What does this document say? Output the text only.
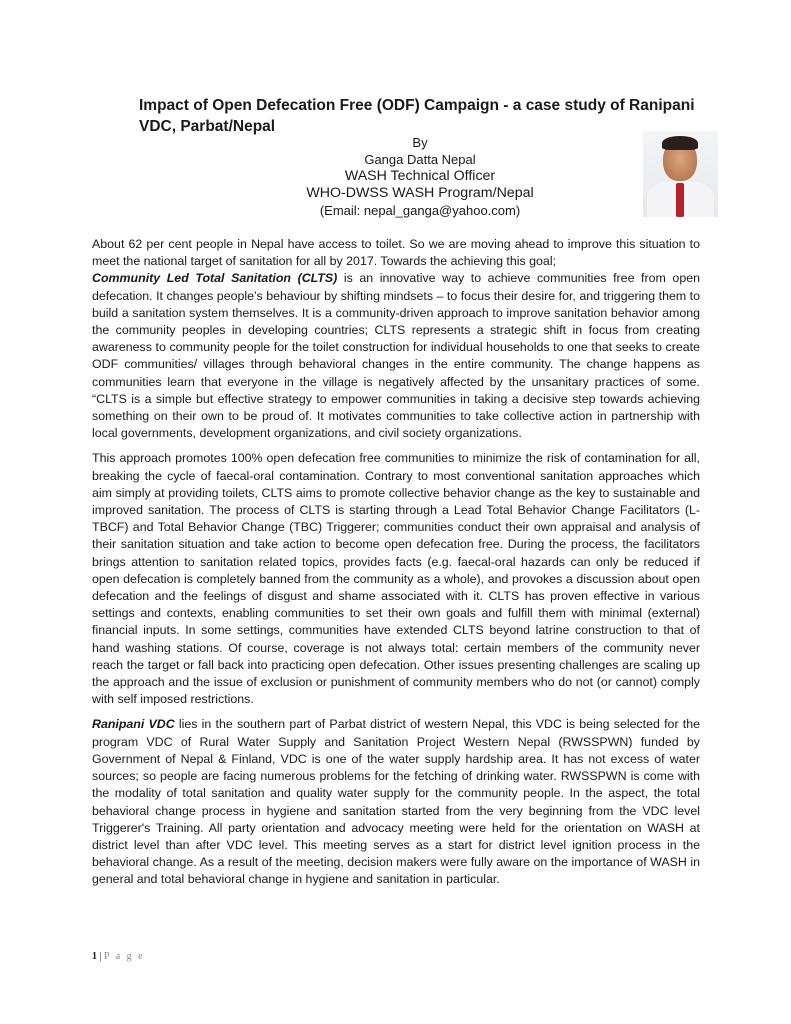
Impact of Open Defecation Free (ODF) Campaign - a case study of Ranipani VDC, Parbat/Nepal
By
Ganga Datta Nepal
WASH Technical Officer
WHO-DWSS WASH Program/Nepal
(Email: nepal_ganga@yahoo.com)

About 62 per cent people in Nepal have access to toilet. So we are moving ahead to improve this situation to meet the national target of sanitation for all by 2017. Towards the achieving this goal;
Community Led Total Sanitation (CLTS) is an innovative way to achieve communities free from open defecation. It changes people’s behaviour by shifting mindsets – to focus their desire for, and triggering them to build a sanitation system themselves. It is a community-driven approach to improve sanitation behavior among the community peoples in developing countries; CLTS represents a strategic shift in focus from creating awareness to community people for the toilet construction for individual households to one that seeks to create ODF communities/ villages through behavioral changes in the entire community. The change happens as communities learn that everyone in the village is negatively affected by the unsanitary practices of some. “CLTS is a simple but effective strategy to empower communities in taking a decisive step towards achieving something on their own to be proud of. It motivates communities to take collective action in partnership with local governments, development organizations, and civil society organizations.

This approach promotes 100% open defecation free communities to minimize the risk of contamination for all, breaking the cycle of faecal-oral contamination. Contrary to most conventional sanitation approaches which aim simply at providing toilets, CLTS aims to promote collective behavior change as the key to sustainable and improved sanitation. The process of CLTS is starting through a Lead Total Behavior Change Facilitators (L-TBCF) and Total Behavior Change (TBC) Triggerer; communities conduct their own appraisal and analysis of their sanitation situation and take action to become open defecation free. During the process, the facilitators brings attention to sanitation related topics, provides facts (e.g. faecal-oral hazards can only be reduced if open defecation is completely banned from the community as a whole), and provokes a discussion about open defecation and the feelings of disgust and shame associated with it. CLTS has proven effective in various settings and contexts, enabling communities to set their own goals and fulfill them with minimal (external) financial inputs. In some settings, communities have extended CLTS beyond latrine construction to that of hand washing stations. Of course, coverage is not always total: certain members of the community never reach the target or fall back into practicing open defecation. Other issues presenting challenges are scaling up the approach and the issue of exclusion or punishment of community members who do not (or cannot) comply with self imposed restrictions.

Ranipani VDC lies in the southern part of Parbat district of western Nepal, this VDC is being selected for the program VDC of Rural Water Supply and Sanitation Project Western Nepal (RWSSPWN) funded by Government of Nepal & Finland, VDC is one of the water supply hardship area. It has not excess of water sources; so people are facing numerous problems for the fetching of drinking water. RWSSPWN is come with the modality of total sanitation and quality water supply for the community people. In the aspect, the total behavioral change process in hygiene and sanitation started from the very beginning from the VDC level Triggerer's Training. All party orientation and advocacy meeting were held for the orientation on WASH at district level than after VDC level. This meeting serves as a start for district level ignition process in the behavioral change. As a result of the meeting, decision makers were fully aware on the importance of WASH in general and total behavioral change in hygiene and sanitation in particular.

1 | P a g e
